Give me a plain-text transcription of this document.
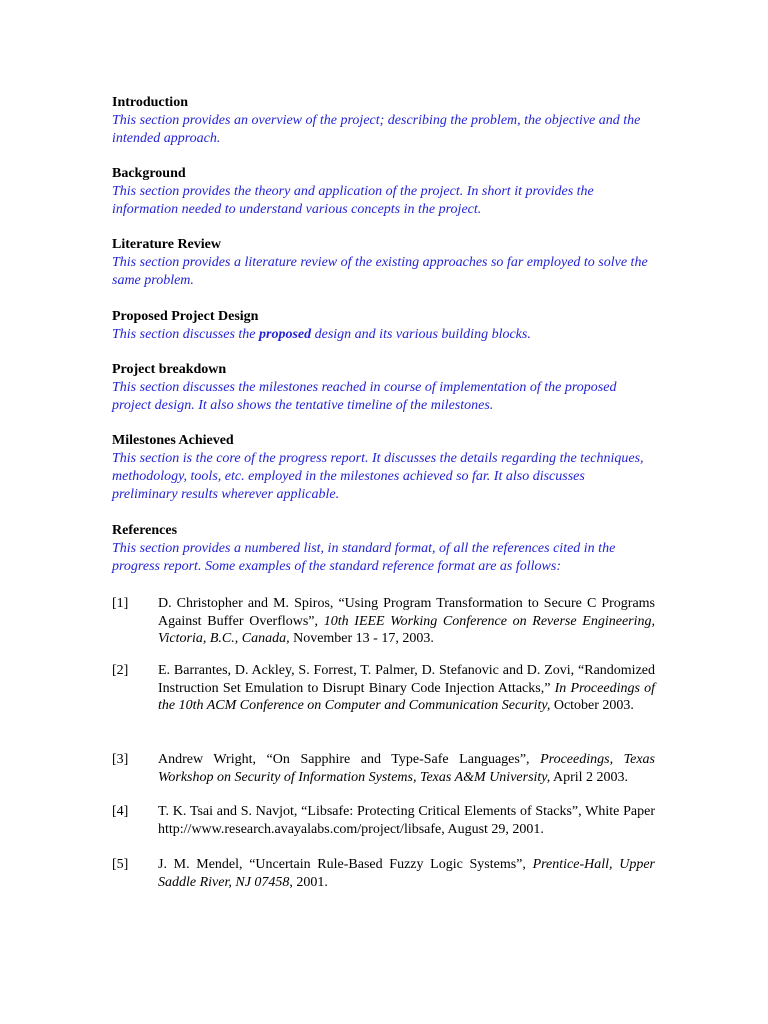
Introduction

This section provides an overview of the project; describing the problem, the objective and the intended approach.

Background

This section provides the theory and application of the project. In short it provides the information needed to understand various concepts in the project.

Literature Review

This section provides a literature review of the existing approaches so far employed to solve the same problem.

Proposed Project Design

This section discusses the proposed design and its various building blocks.

Project breakdown

This section discusses the milestones reached in course of implementation of the proposed project design. It also shows the tentative timeline of the milestones.

Milestones Achieved

This section is the core of the progress report. It discusses the details regarding the techniques, methodology, tools, etc. employed in the milestones achieved so far. It also discusses preliminary results wherever applicable.

References

This section provides a numbered list, in standard format, of all the references cited in the progress report. Some examples of the standard reference format are as follows:

[1]	D. Christopher and M. Spiros, “Using Program Transformation to Secure C Programs Against Buffer Overflows”, 10th IEEE Working Conference on Reverse Engineering, Victoria, B.C., Canada, November 13 - 17, 2003.
[2]	E. Barrantes, D. Ackley, S. Forrest, T. Palmer, D. Stefanovic and D. Zovi, “Randomized Instruction Set Emulation to Disrupt Binary Code Injection Attacks,” In Proceedings of the 10th ACM Conference on Computer and Communication Security, October 2003.
[3]	Andrew Wright, “On Sapphire and Type-Safe Languages”, Proceedings, Texas Workshop on Security of Information Systems, Texas A&M University, April 2 2003.
[4]	T. K. Tsai and S. Navjot, “Libsafe: Protecting Critical Elements of Stacks”, White Paper http://www.research.avayalabs.com/project/libsafe, August 29, 2001.
[5]	J. M. Mendel, “Uncertain Rule-Based Fuzzy Logic Systems”, Prentice-Hall, Upper Saddle River, NJ 07458, 2001.
